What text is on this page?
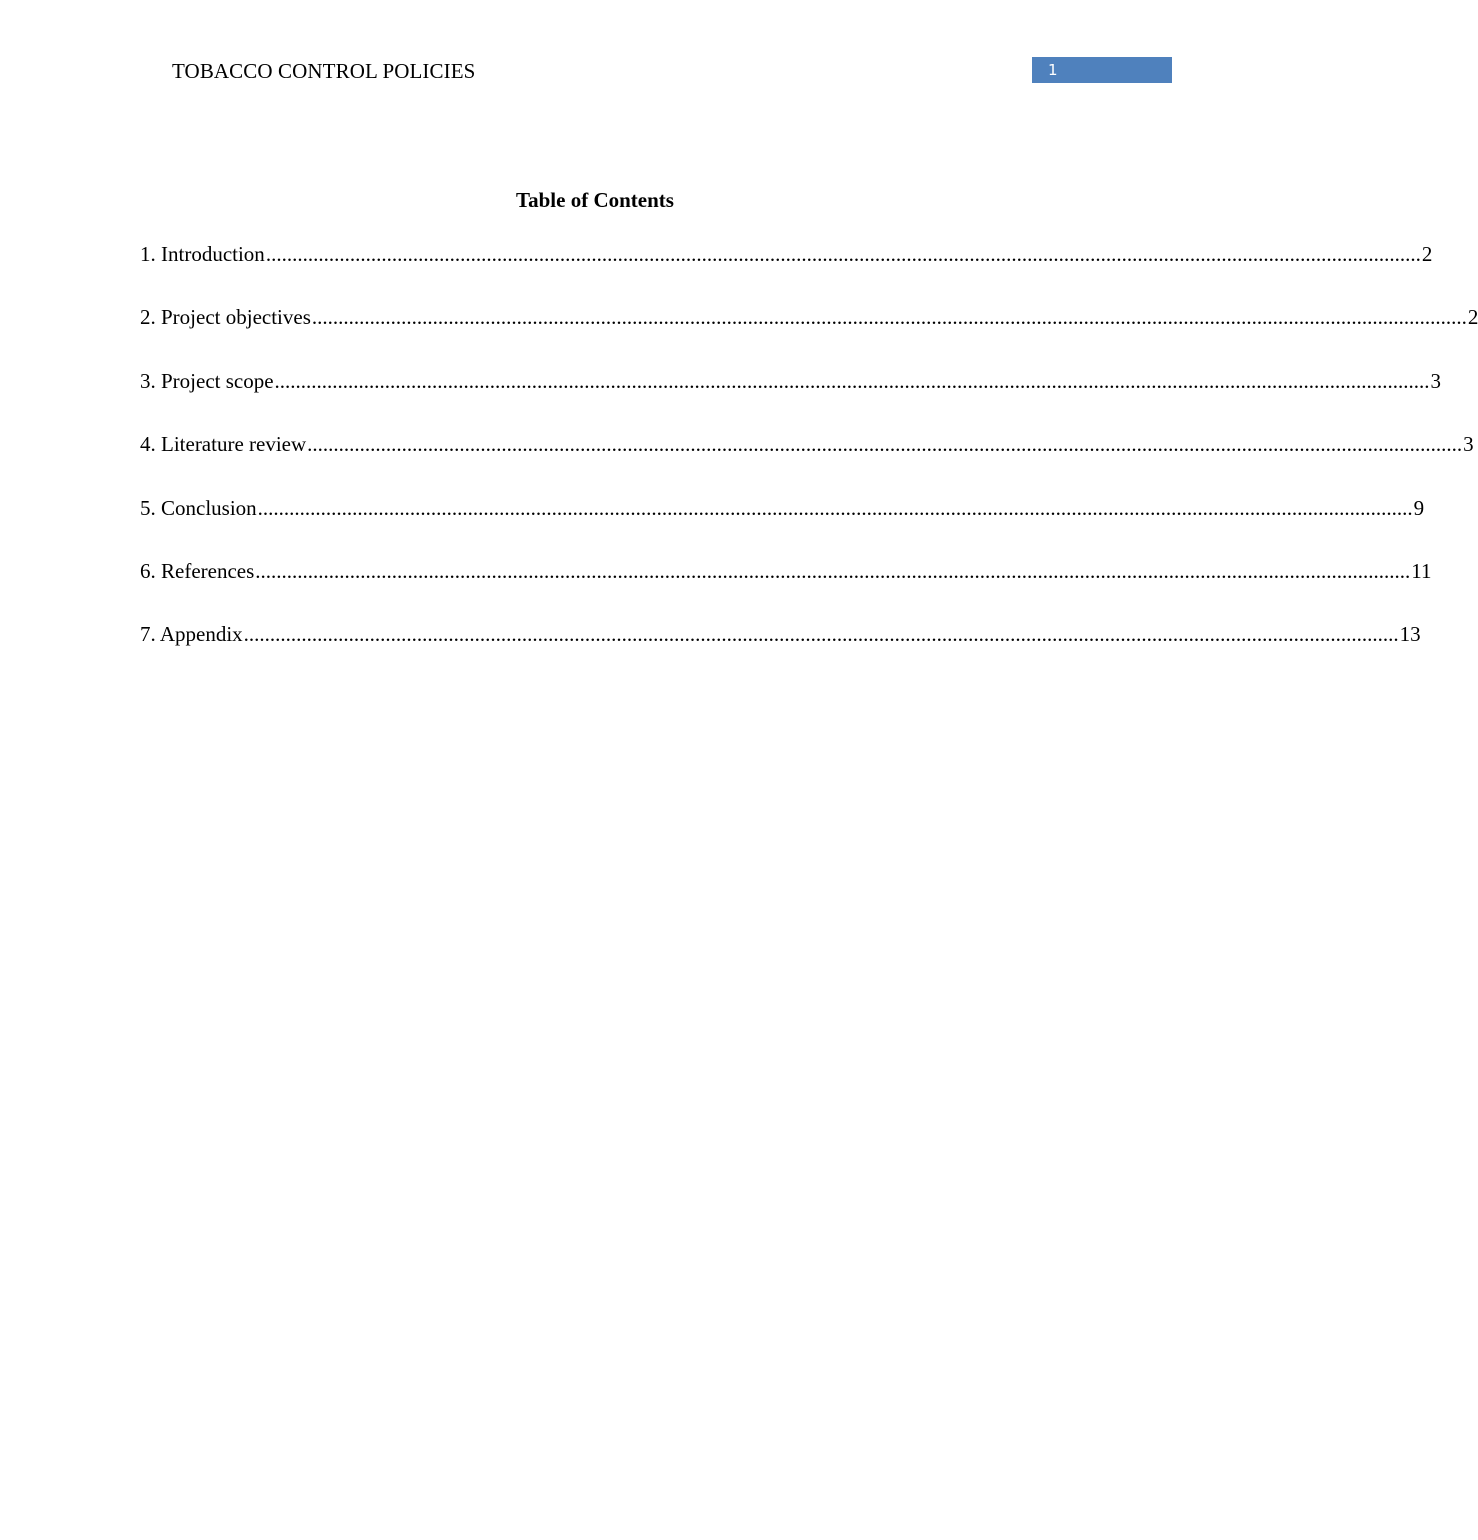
TOBACCO CONTROL POLICIES	1
Table of Contents
1. Introduction ............................................................................................................................................................................................................................ 2
2. Project objectives ............................................................................................................................................................................................................................ 2
3. Project scope ............................................................................................................................................................................................................................ 3
4. Literature review ............................................................................................................................................................................................................................ 3
5. Conclusion ............................................................................................................................................................................................................................ 9
6. References ............................................................................................................................................................................................................................ 11
7. Appendix ............................................................................................................................................................................................................................ 13
